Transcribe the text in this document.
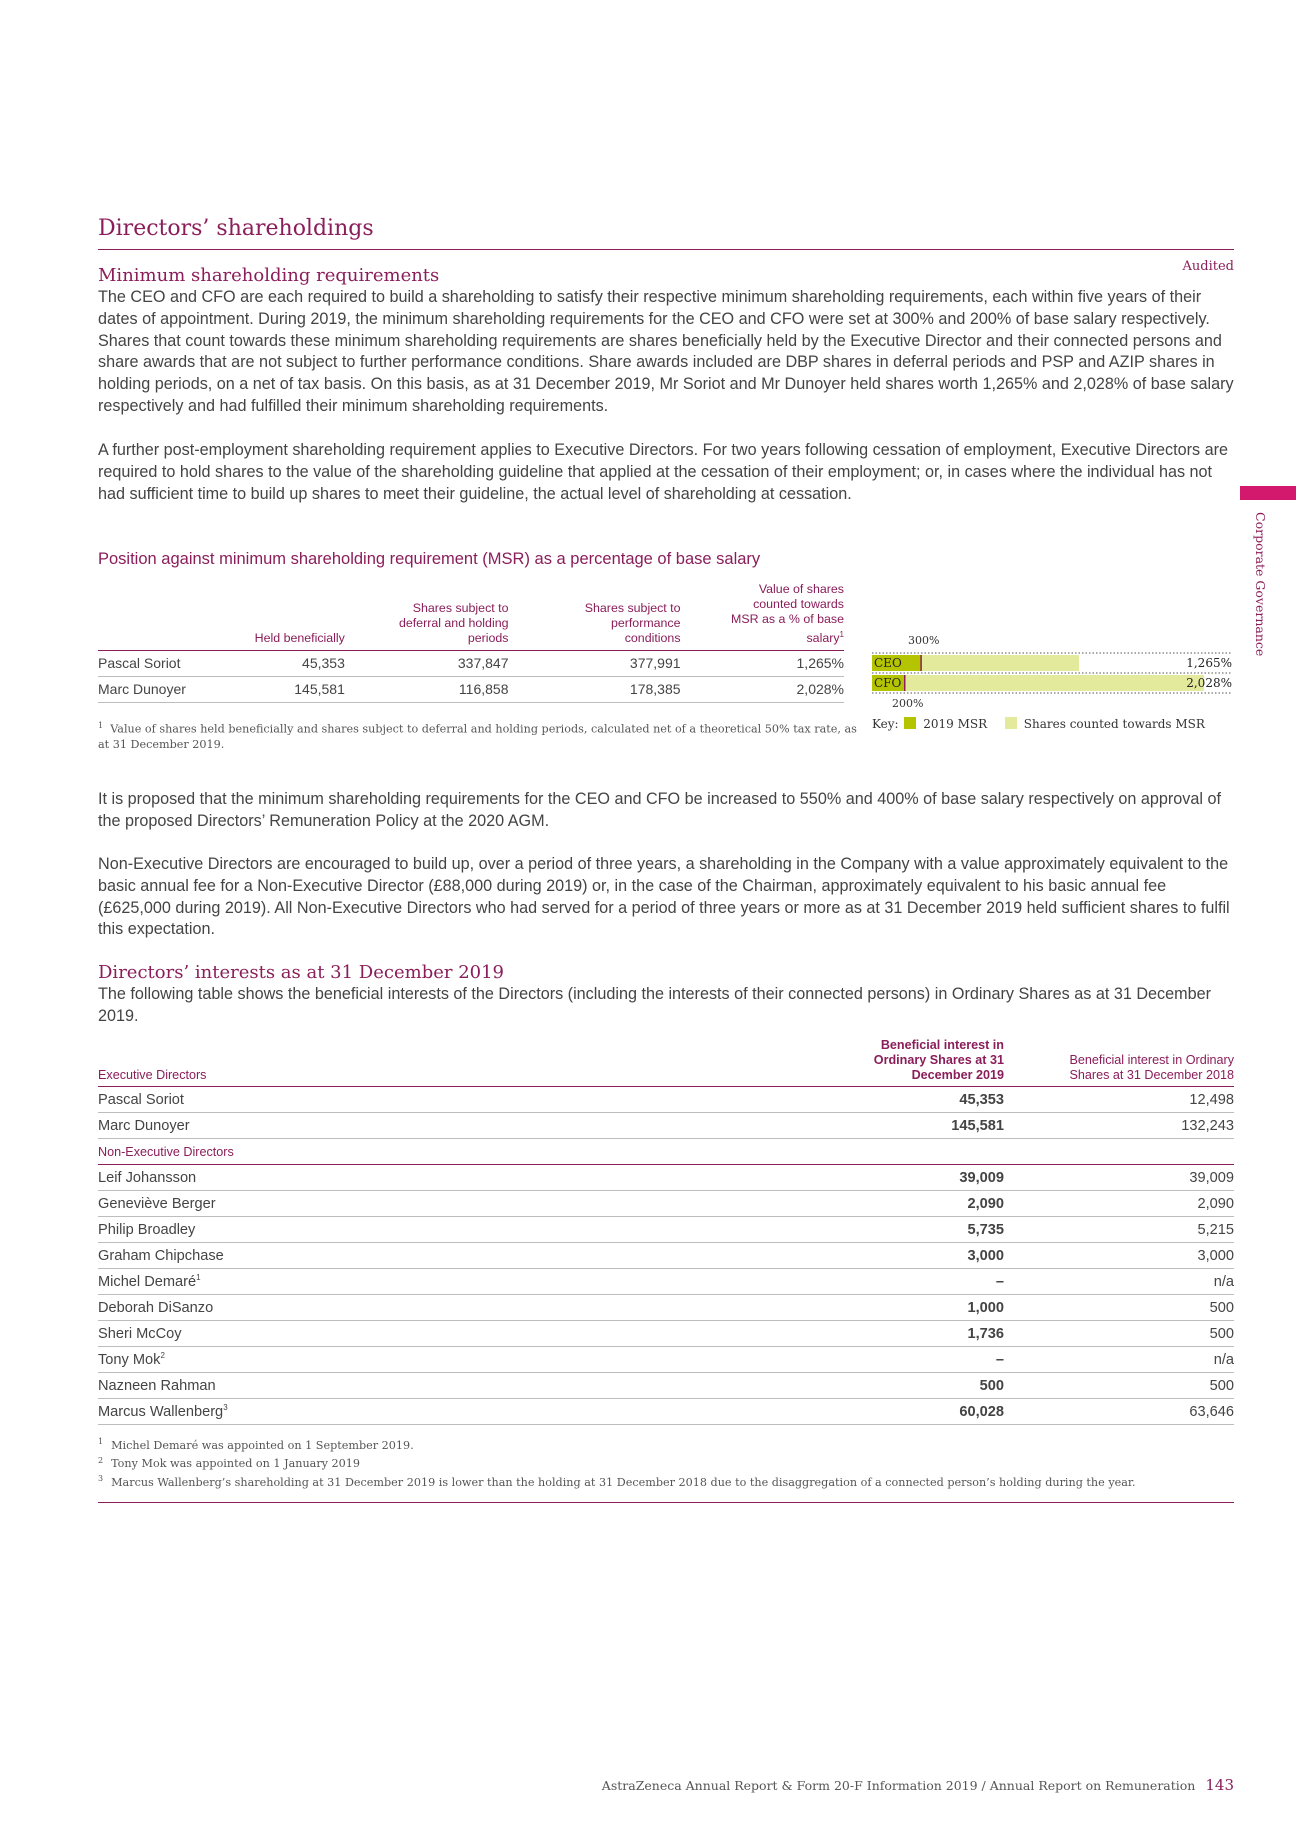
Directors’ shareholdings
Audited
Minimum shareholding requirements

The CEO and CFO are each required to build a shareholding to satisfy their respective minimum shareholding requirements, each within five years of their dates of appointment. During 2019, the minimum shareholding requirements for the CEO and CFO were set at 300% and 200% of base salary respectively. Shares that count towards these minimum shareholding requirements are shares beneficially held by the Executive Director and their connected persons and share awards that are not subject to further performance conditions. Share awards included are DBP shares in deferral periods and PSP and AZIP shares in holding periods, on a net of tax basis. On this basis, as at 31 December 2019, Mr Soriot and Mr Dunoyer held shares worth 1,265% and 2,028% of base salary respectively and had fulfilled their minimum shareholding requirements.

A further post-employment shareholding requirement applies to Executive Directors. For two years following cessation of employment, Executive Directors are required to hold shares to the value of the shareholding guideline that applied at the cessation of their employment; or, in cases where the individual has not had sufficient time to build up shares to meet their guideline, the actual level of shareholding at cessation.

Corporate Governance
Position against minimum shareholding requirement (MSR) as a percentage of base salary
	Held beneficially	Shares subject to deferral and holding periods	Shares subject to performance conditions	Value of shares counted towards MSR as a % of base salary$^1$
Pascal Soriot	45,353	337,847	377,991	1,265%
Marc Dunoyer	145,581	116,858	178,385	2,028%
$^1$ Value of shares held beneficially and shares subject to deferral and holding periods, calculated net of a theoretical 50% tax rate, as at 31 December 2019.
CEO	1,265%
CFO	2,028%
300%
200%
Key: 2019 MSR	Shares counted towards MSR

It is proposed that the minimum shareholding requirements for the CEO and CFO be increased to 550% and 400% of base salary respectively on approval of the proposed Directors’ Remuneration Policy at the 2020 AGM.

Non-Executive Directors are encouraged to build up, over a period of three years, a shareholding in the Company with a value approximately equivalent to the basic annual fee for a Non-Executive Director (£88,000 during 2019) or, in the case of the Chairman, approximately equivalent to his basic annual fee (£625,000 during 2019). All Non-Executive Directors who had served for a period of three years or more as at 31 December 2019 held sufficient shares to fulfil this expectation.

Directors’ interests as at 31 December 2019

The following table shows the beneficial interests of the Directors (including the interests of their connected persons) in Ordinary Shares as at 31 December 2019.

Executive Directors	Beneficial interest in Ordinary Shares at 31 December 2019	Beneficial interest in Ordinary Shares at 31 December 2018
Pascal Soriot	45,353	12,498
Marc Dunoyer	145,581	132,243
Non-Executive Directors		
Leif Johansson	39,009	39,009
Geneviève Berger	2,090	2,090
Philip Broadley	5,735	5,215
Graham Chipchase	3,000	3,000
Michel Demaré$^1$	–	n/a
Deborah DiSanzo	1,000	500
Sheri McCoy	1,736	500
Tony Mok$^2$	–	n/a
Nazneen Rahman	500	500
Marcus Wallenberg$^3$	60,028	63,646
$^1$ Michel Demaré was appointed on 1 September 2019.
$^2$ Tony Mok was appointed on 1 January 2019
$^3$ Marcus Wallenberg’s shareholding at 31 December 2019 is lower than the holding at 31 December 2018 due to the disaggregation of a connected person’s holding during the year.
AstraZeneca Annual Report & Form 20-F Information 2019 / Annual Report on Remuneration 143
